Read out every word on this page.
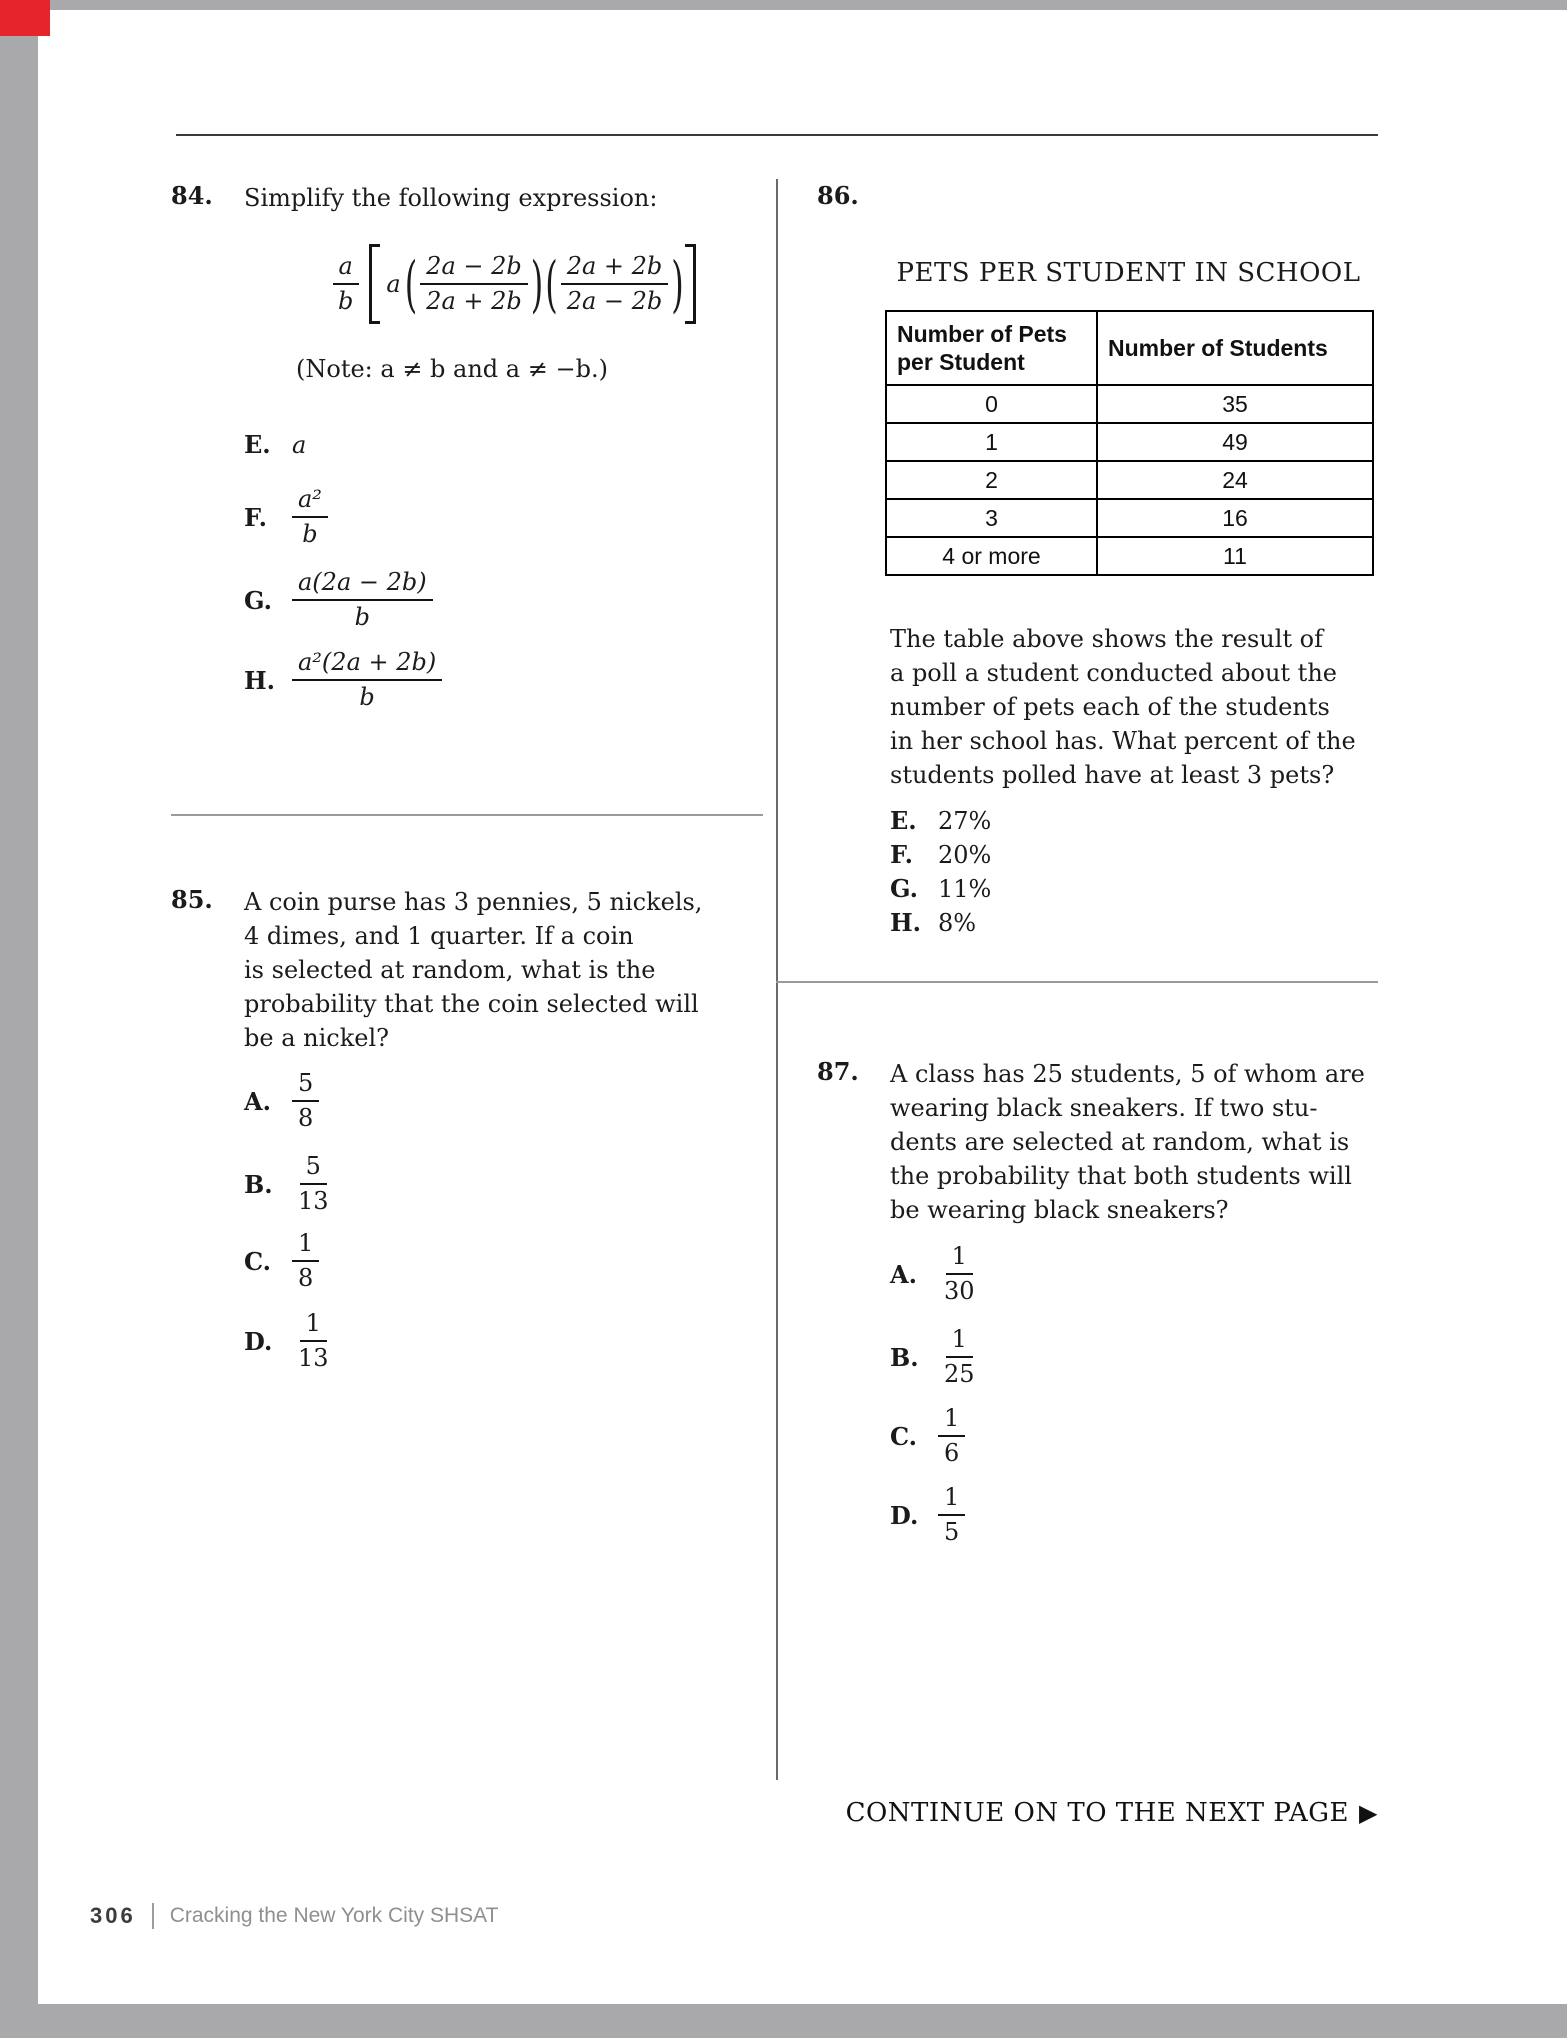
84. Simplify the following expression:
$\frac{a}{b}$ a ( $\frac{2a - 2b}{2a + 2b}$ ) ( $\frac{2a + 2b}{2a - 2b}$ )
(Note: a ≠ b and a ≠ −b.)
E. a
F.	$\frac{\text{a²}}{b}$
G. $\frac{a(2a - 2b)}{b}$
H. $\frac{\text{a²(2a + 2b)}}{b}$
85. A coin purse has 3 pennies, 5 nickels,
4 dimes, and 1 quarter. If a coin
is selected at random, what is the
probability that the coin selected will
be a nickel?
A. $\frac{5}{8}$
B. $\frac{5}{13}$
C. $\frac{1}{8}$
D. $\frac{1}{13}$
86.
PETS PER STUDENT IN SCHOOL
Number of Pets per Student	Number of Students
0	35
1	49
2	24
3	16
4 or more	11
The table above shows the result of
a poll a student conducted about the
number of pets each of the students
in her school has. What percent of the
students polled have at least 3 pets?
E. 27%
F.	20%
G. 11%
H. 8%
87. A class has 25 students, 5 of whom are
wearing black sneakers. If two stu-
dents are selected at random, what is
the probability that both students will
be wearing black sneakers?
A. $\frac{1}{30}$
B. $\frac{1}{25}$
C. $\frac{1}{6}$
D. $\frac{1}{5}$
CONTINUE ON TO THE NEXT PAGE ▶
306 Cracking the New York City SHSAT
